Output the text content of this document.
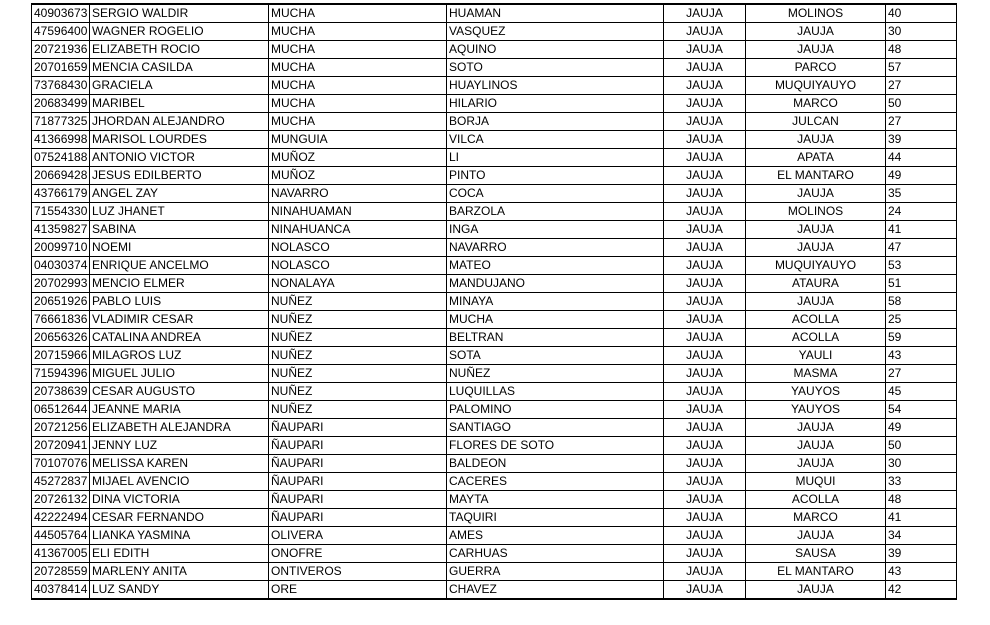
40903673	SERGIO WALDIR	MUCHA	HUAMAN	JAUJA	MOLINOS	40
47596400	WAGNER ROGELIO	MUCHA	VASQUEZ	JAUJA	JAUJA	30
20721936	ELIZABETH ROCIO	MUCHA	AQUINO	JAUJA	JAUJA	48
20701659	MENCIA CASILDA	MUCHA	SOTO	JAUJA	PARCO	57
73768430	GRACIELA	MUCHA	HUAYLINOS	JAUJA	MUQUIYAUYO	27
20683499	MARIBEL	MUCHA	HILARIO	JAUJA	MARCO	50
71877325	JHORDAN ALEJANDRO	MUCHA	BORJA	JAUJA	JULCAN	27
41366998	MARISOL LOURDES	MUNGUIA	VILCA	JAUJA	JAUJA	39
07524188	ANTONIO VICTOR	MUÑOZ	LI	JAUJA	APATA	44
20669428	JESUS EDILBERTO	MUÑOZ	PINTO	JAUJA	EL MANTARO	49
43766179	ANGEL ZAY	NAVARRO	COCA	JAUJA	JAUJA	35
71554330	LUZ JHANET	NINAHUAMAN	BARZOLA	JAUJA	MOLINOS	24
41359827	SABINA	NINAHUANCA	INGA	JAUJA	JAUJA	41
20099710	NOEMI	NOLASCO	NAVARRO	JAUJA	JAUJA	47
04030374	ENRIQUE ANCELMO	NOLASCO	MATEO	JAUJA	MUQUIYAUYO	53
20702993	MENCIO ELMER	NONALAYA	MANDUJANO	JAUJA	ATAURA	51
20651926	PABLO LUIS	NUÑEZ	MINAYA	JAUJA	JAUJA	58
76661836	VLADIMIR CESAR	NUÑEZ	MUCHA	JAUJA	ACOLLA	25
20656326	CATALINA ANDREA	NUÑEZ	BELTRAN	JAUJA	ACOLLA	59
20715966	MILAGROS LUZ	NUÑEZ	SOTA	JAUJA	YAULI	43
71594396	MIGUEL JULIO	NUÑEZ	NUÑEZ	JAUJA	MASMA	27
20738639	CESAR AUGUSTO	NUÑEZ	LUQUILLAS	JAUJA	YAUYOS	45
06512644	JEANNE MARIA	NUÑEZ	PALOMINO	JAUJA	YAUYOS	54
20721256	ELIZABETH ALEJANDRA	ÑAUPARI	SANTIAGO	JAUJA	JAUJA	49
20720941	JENNY LUZ	ÑAUPARI	FLORES DE SOTO	JAUJA	JAUJA	50
70107076	MELISSA KAREN	ÑAUPARI	BALDEON	JAUJA	JAUJA	30
45272837	MIJAEL AVENCIO	ÑAUPARI	CACERES	JAUJA	MUQUI	33
20726132	DINA VICTORIA	ÑAUPARI	MAYTA	JAUJA	ACOLLA	48
42222494	CESAR FERNANDO	ÑAUPARI	TAQUIRI	JAUJA	MARCO	41
44505764	LIANKA YASMINA	OLIVERA	AMES	JAUJA	JAUJA	34
41367005	ELI EDITH	ONOFRE	CARHUAS	JAUJA	SAUSA	39
20728559	MARLENY ANITA	ONTIVEROS	GUERRA	JAUJA	EL MANTARO	43
40378414	LUZ SANDY	ORE	CHAVEZ	JAUJA	JAUJA	42
